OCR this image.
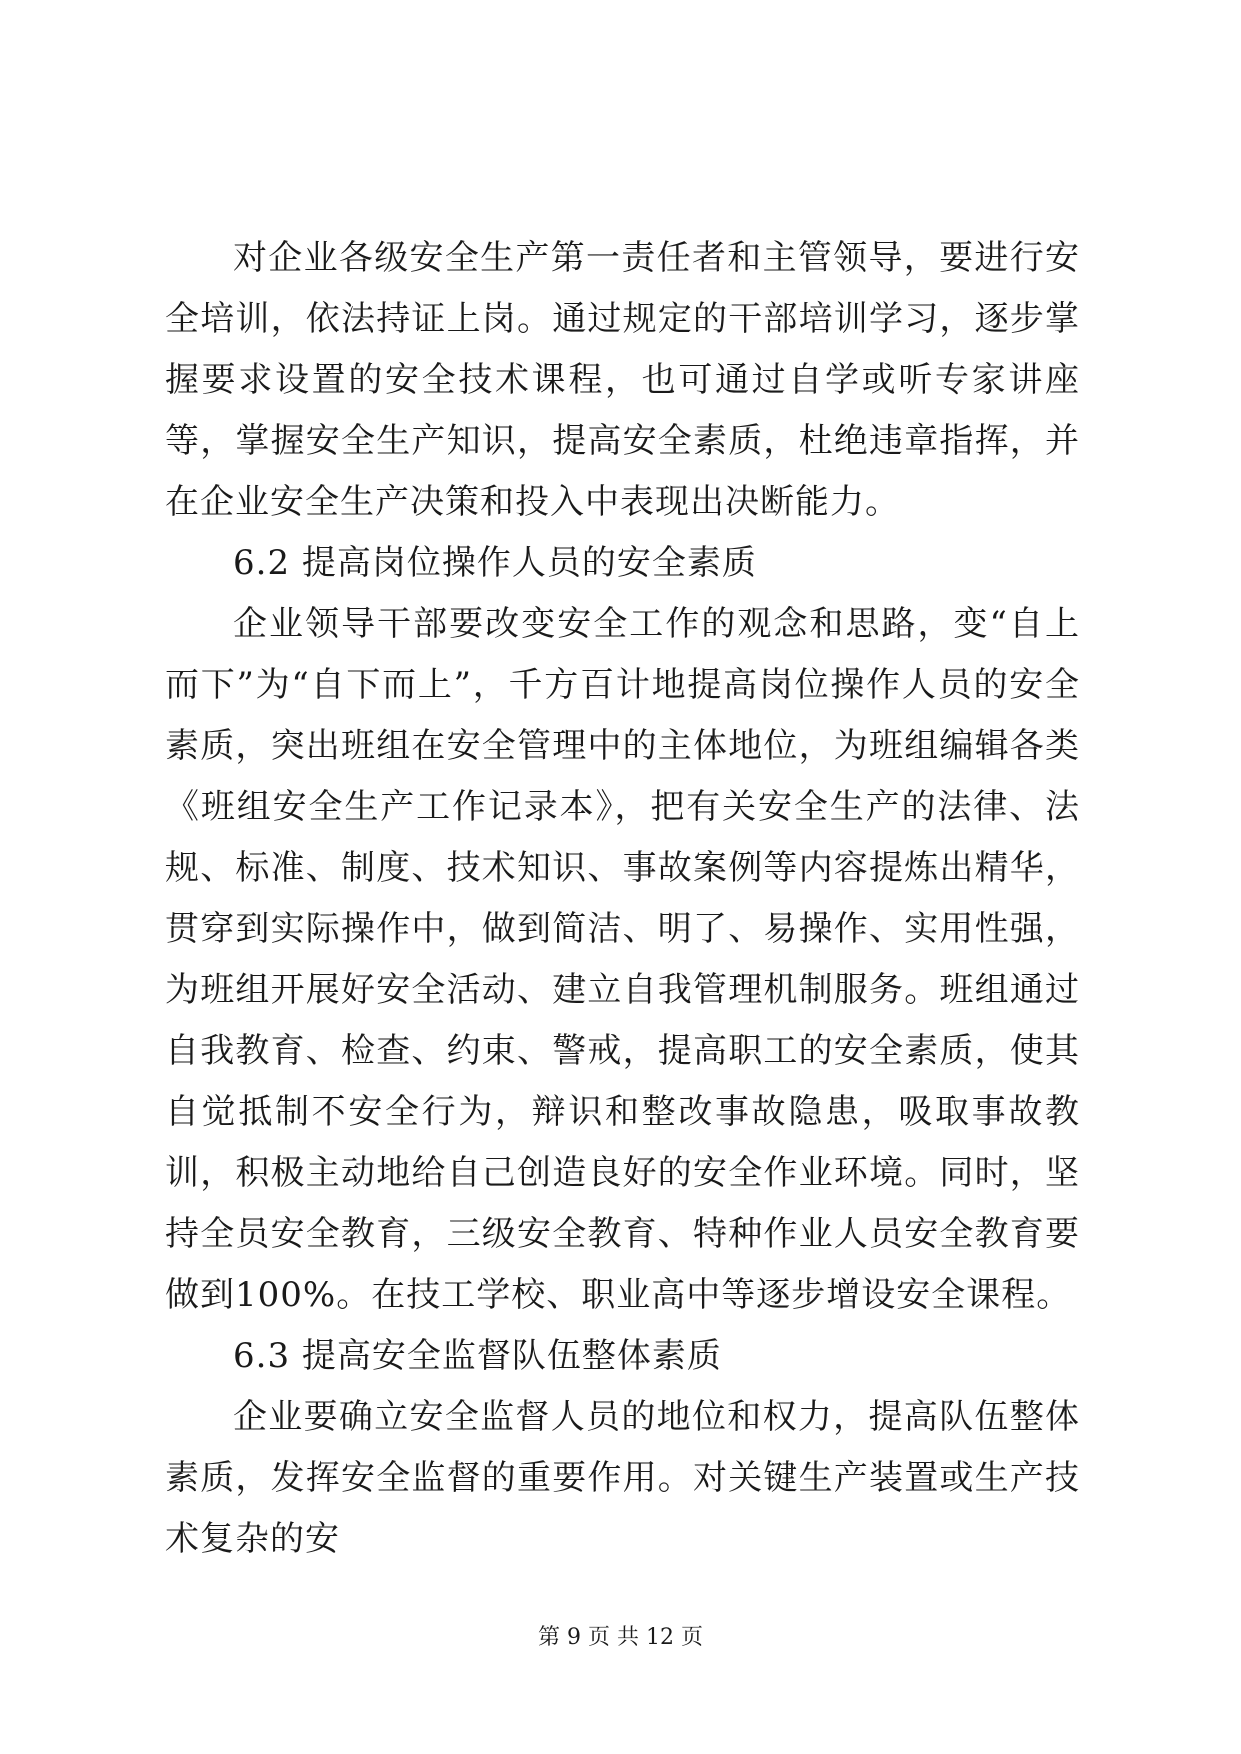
对企业各级安全生产第一责任者和主管领导，要进行安全培训，依法持证上岗。通过规定的干部培训学习，逐步掌握要求设置的安全技术课程，也可通过自学或听专家讲座等，掌握安全生产知识，提高安全素质，杜绝违章指挥，并在企业安全生产决策和投入中表现出决断能力。

6.2 提高岗位操作人员的安全素质

企业领导干部要改变安全工作的观念和思路，变“自上而下”为“自下而上”，千方百计地提高岗位操作人员的安全素质，突出班组在安全管理中的主体地位，为班组编辑各类《班组安全生产工作记录本》，把有关安全生产的法律、法规、标准、制度、技术知识、事故案例等内容提炼出精华，贯穿到实际操作中，做到简洁、明了、易操作、实用性强，为班组开展好安全活动、建立自我管理机制服务。班组通过自我教育、检查、约束、警戒，提高职工的安全素质，使其自觉抵制不安全行为，辩识和整改事故隐患，吸取事故教训，积极主动地给自己创造良好的安全作业环境。同时，坚持全员安全教育，三级安全教育、特种作业人员安全教育要做到100%。在技工学校、职业高中等逐步增设安全课程。

6.3 提高安全监督队伍整体素质

企业要确立安全监督人员的地位和权力，提高队伍整体素质，发挥安全监督的重要作用。对关键生产装置或生产技术复杂的安

第 9 页 共 12 页
